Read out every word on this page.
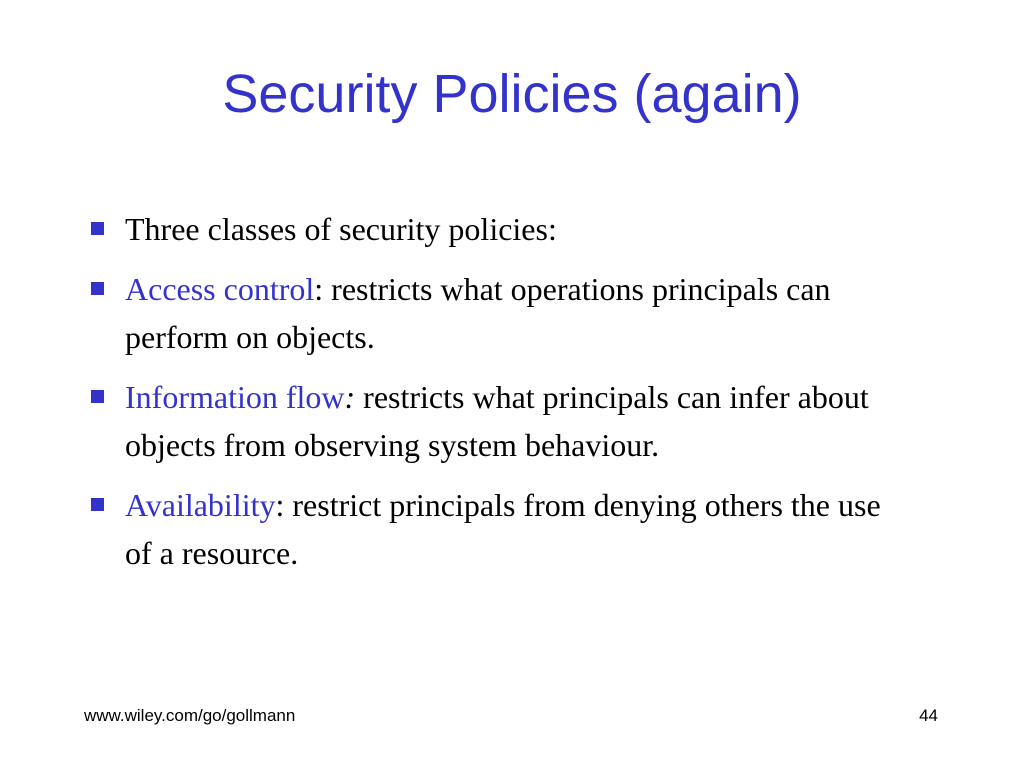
Security Policies (again)
Three classes of security policies:
Access control: restricts what operations principals can perform on objects.
Information flow: restricts what principals can infer about objects from observing system behaviour.
Availability: restrict principals from denying others the use of a resource.
www.wiley.com/go/gollmann	44
